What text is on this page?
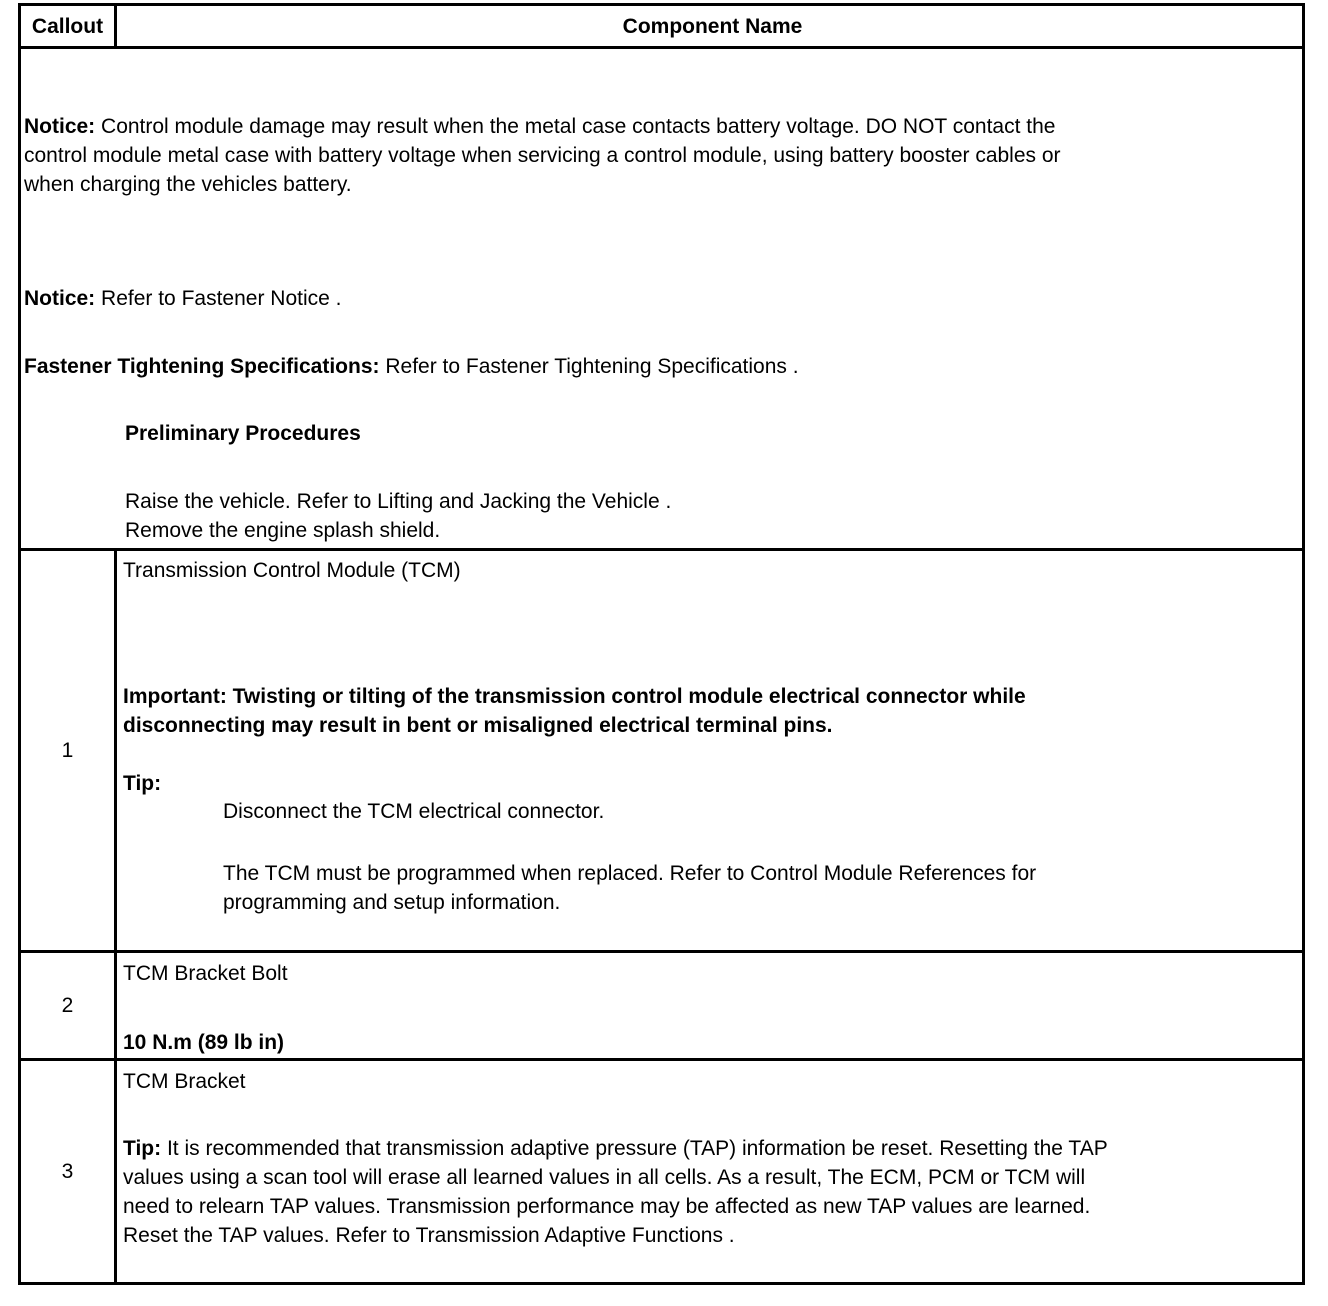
Callout	Component Name
Notice: Control module damage may result when the metal case contacts battery voltage. DO NOT contact the
control module metal case with battery voltage when servicing a control module, using battery booster cables or
when charging the vehicles battery.
Notice: Refer to Fastener Notice .
Fastener Tightening Specifications: Refer to Fastener Tightening Specifications .
Preliminary Procedures
Raise the vehicle. Refer to Lifting and Jacking the Vehicle .
Remove the engine splash shield.
1
Transmission Control Module (TCM)
Important: Twisting or tilting of the transmission control module electrical connector while
disconnecting may result in bent or misaligned electrical terminal pins.
Tip:
Disconnect the TCM electrical connector.
The TCM must be programmed when replaced. Refer to Control Module References for
programming and setup information.
2
TCM Bracket Bolt
10 N.m (89 lb in)
3
TCM Bracket
Tip: It is recommended that transmission adaptive pressure (TAP) information be reset. Resetting the TAP
values using a scan tool will erase all learned values in all cells. As a result, The ECM, PCM or TCM will
need to relearn TAP values. Transmission performance may be affected as new TAP values are learned.
Reset the TAP values. Refer to Transmission Adaptive Functions .
